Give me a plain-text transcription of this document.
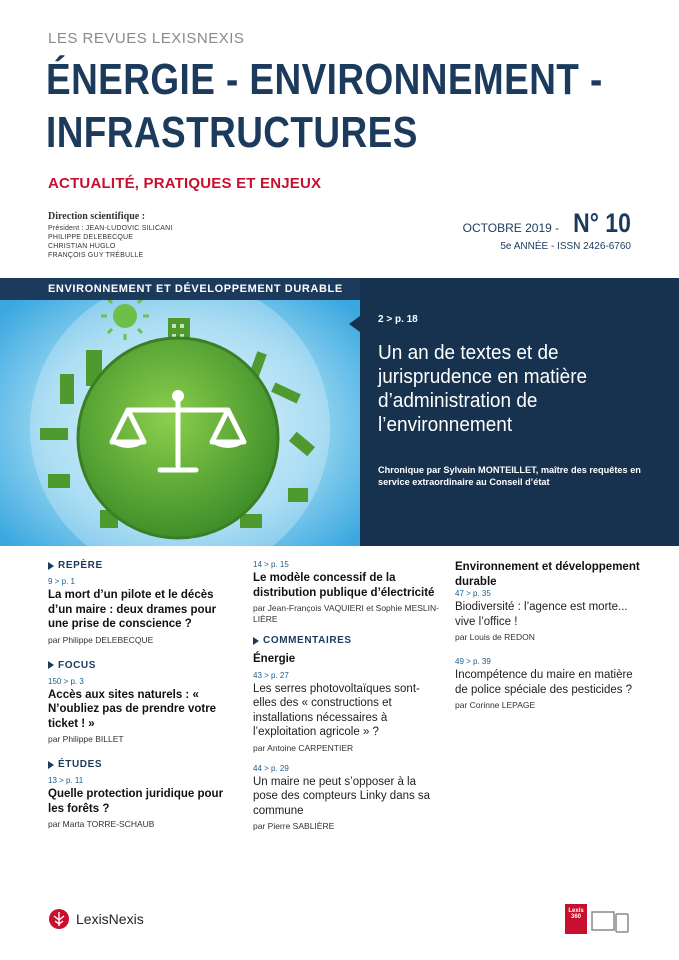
LES REVUES LEXISNEXIS
ÉNERGIE - ENVIRONNEMENT -
INFRASTRUCTURES
ACTUALITÉ, PRATIQUES ET ENJEUX
Direction scientifique :
Président : JEAN-LUDOVIC SILICANI
PHILIPPE DELEBECQUE
CHRISTIAN HUGLO
FRANÇOIS GUY TRÉBULLE
OCTOBRE 2019 - N° 10
5e ANNÉE - ISSN 2426-6760
ENVIRONNEMENT ET DÉVELOPPEMENT DURABLE
2 > p. 18
Un an de textes et de jurisprudence en matière d’administration de l’environnement
Chronique par Sylvain MONTEILLET, maître des requêtes en service extraordinaire au Conseil d’état
REPÈRE
9 > p. 1
La mort d’un pilote et le décès d’un maire : deux drames pour une prise de conscience ?
par Philippe DELEBECQUE
FOCUS
150 > p. 3
Accès aux sites naturels : « N’oubliez pas de prendre votre ticket ! »
par Philippe BILLET
ÉTUDES
13 > p. 11
Quelle protection juridique pour les forêts ?
par Marta TORRE-SCHAUB
14 > p. 15
Le modèle concessif de la distribution publique d’électricité
par Jean-François VAQUIERI et Sophie MESLIN-LIÈRE
COMMENTAIRES
Énergie
43 > p. 27
Les serres photovoltaïques sont-elles des « constructions et installations nécessaires à l’exploitation agricole » ?
par Antoine CARPENTIER
44 > p. 29
Un maire ne peut s’opposer à la pose des compteurs Linky dans sa commune
par Pierre SABLIÈRE
Environnement et développement durable
47 > p. 35
Biodiversité : l’agence est morte... vive l’office !
par Louis de REDON
49 > p. 39
Incompétence du maire en matière de police spéciale des pesticides ?
par Corinne LEPAGE
LexisNexis	Lexis 360
